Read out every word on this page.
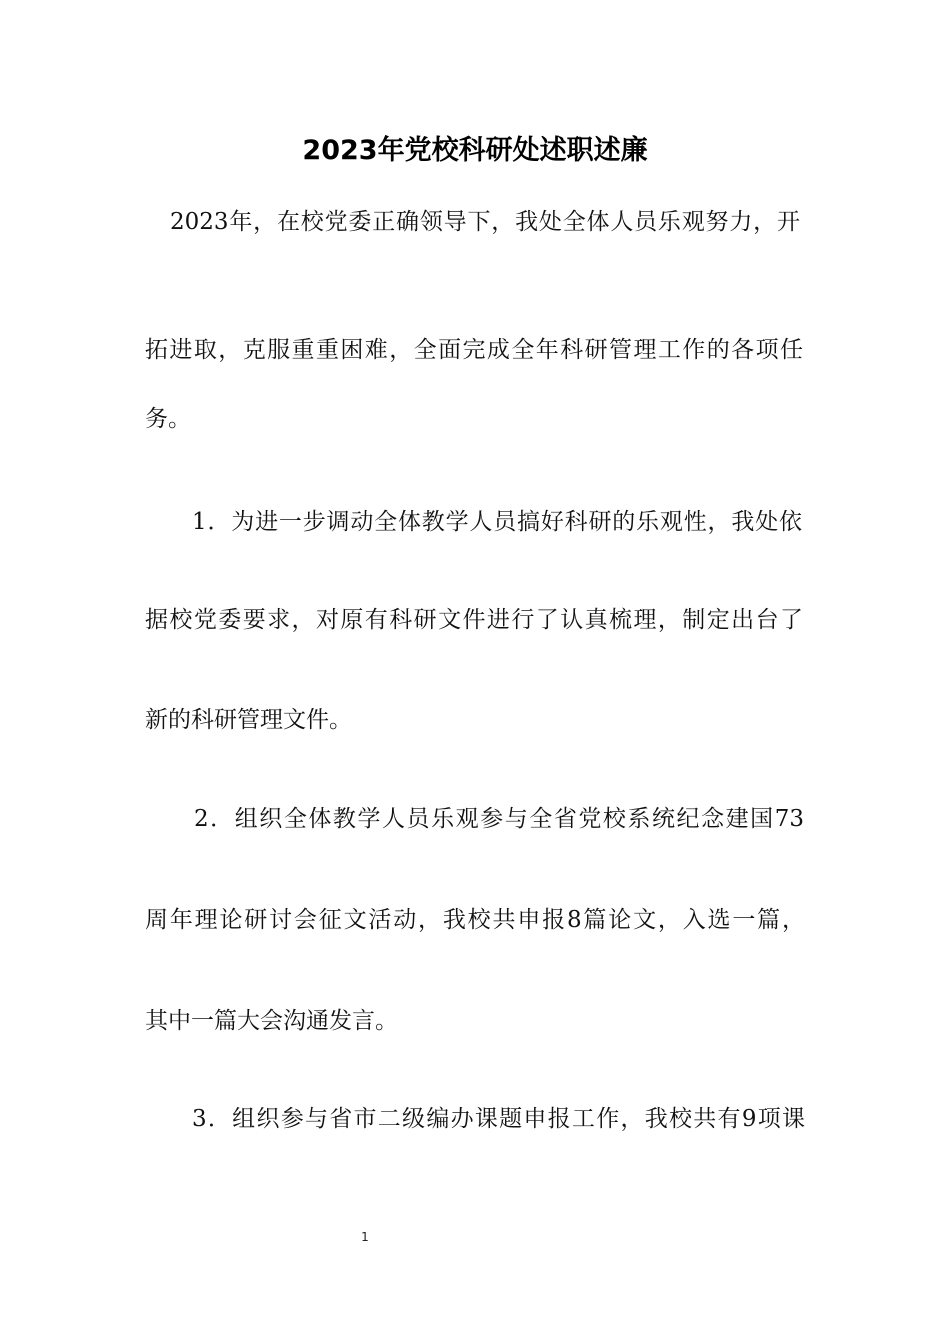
2023年党校科研处述职述廉
2023年，在校党委正确领导下，我处全体人员乐观努力，开
拓进取，克服重重困难，全面完成全年科研管理工作的各项任
务。
1．为进一步调动全体教学人员搞好科研的乐观性，我处依
据校党委要求，对原有科研文件进行了认真梳理，制定出台了
新的科研管理文件。
2．组织全体教学人员乐观参与全省党校系统纪念建国73
周年理论研讨会征文活动，我校共申报8篇论文，入选一篇，
其中一篇大会沟通发言。
3．组织参与省市二级编办课题申报工作，我校共有9项课
1
